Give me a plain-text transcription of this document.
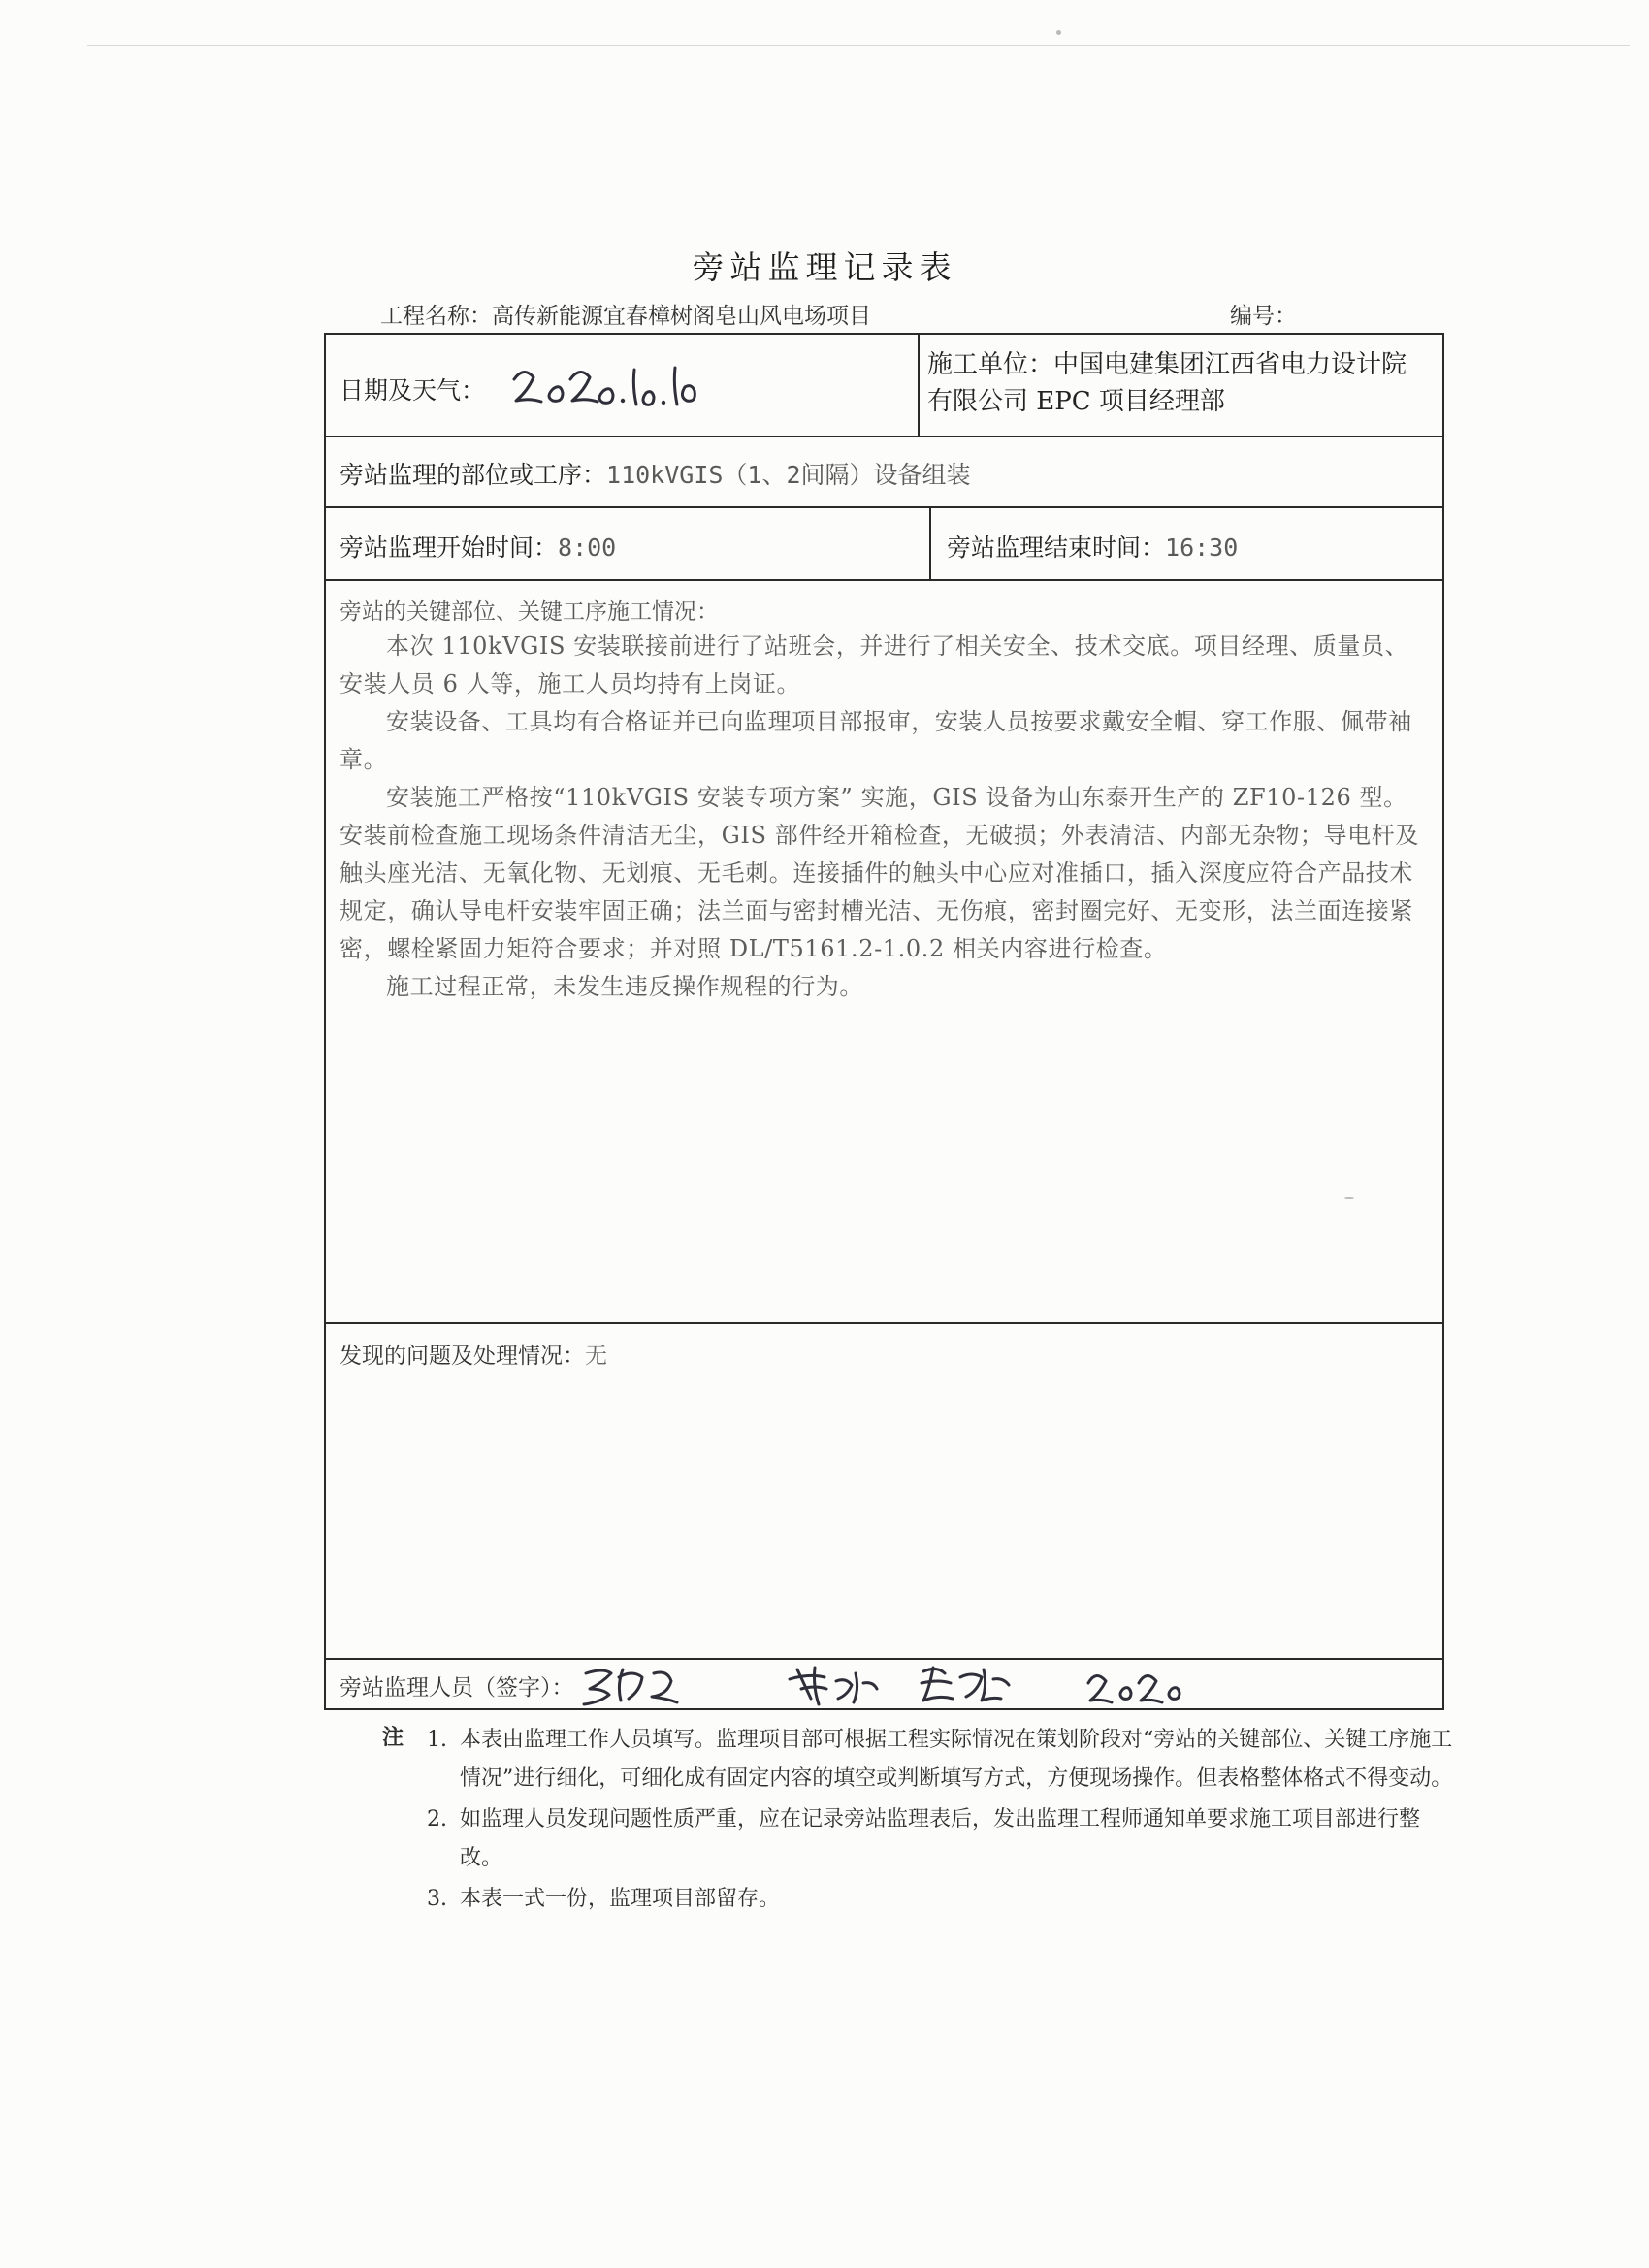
旁站监理记录表
工程名称：高传新能源宜春樟树阁皂山风电场项目	编号：
日期及天气：
施工单位：中国电建集团江西省电力设计院有限公司 EPC 项目经理部
旁站监理的部位或工序：110kVGIS（1、2间隔）设备组装
旁站监理开始时间：8:00	旁站监理结束时间：16:30
旁站的关键部位、关键工序施工情况：

本次 110kVGIS 安装联接前进行了站班会，并进行了相关安全、技术交底。项目经理、质量员、安装人员 6 人等，施工人员均持有上岗证。

安装设备、工具均有合格证并已向监理项目部报审，安装人员按要求戴安全帽、穿工作服、佩带袖章。

安装施工严格按“110kVGIS 安装专项方案” 实施，GIS 设备为山东泰开生产的 ZF10-126 型。安装前检查施工现场条件清洁无尘，GIS 部件经开箱检查，无破损；外表清洁、内部无杂物；导电杆及触头座光洁、无氧化物、无划痕、无毛刺。连接插件的触头中心应对准插口，插入深度应符合产品技术规定，确认导电杆安装牢固正确；法兰面与密封槽光洁、无伤痕，密封圈完好、无变形，法兰面连接紧密，螺栓紧固力矩符合要求；并对照 DL/T5161.2-1.0.2 相关内容进行检查。

施工过程正常，未发生违反操作规程的行为。

发现的问题及处理情况：无
旁站监理人员（签字）：
注 1. 本表由监理工作人员填写。监理项目部可根据工程实际情况在策划阶段对“旁站的关键部位、关键工序施工情况”进行细化，可细化成有固定内容的填空或判断填写方式，方便现场操作。但表格整体格式不得变动。
2. 如监理人员发现问题性质严重，应在记录旁站监理表后，发出监理工程师通知单要求施工项目部进行整改。
3. 本表一式一份，监理项目部留存。
